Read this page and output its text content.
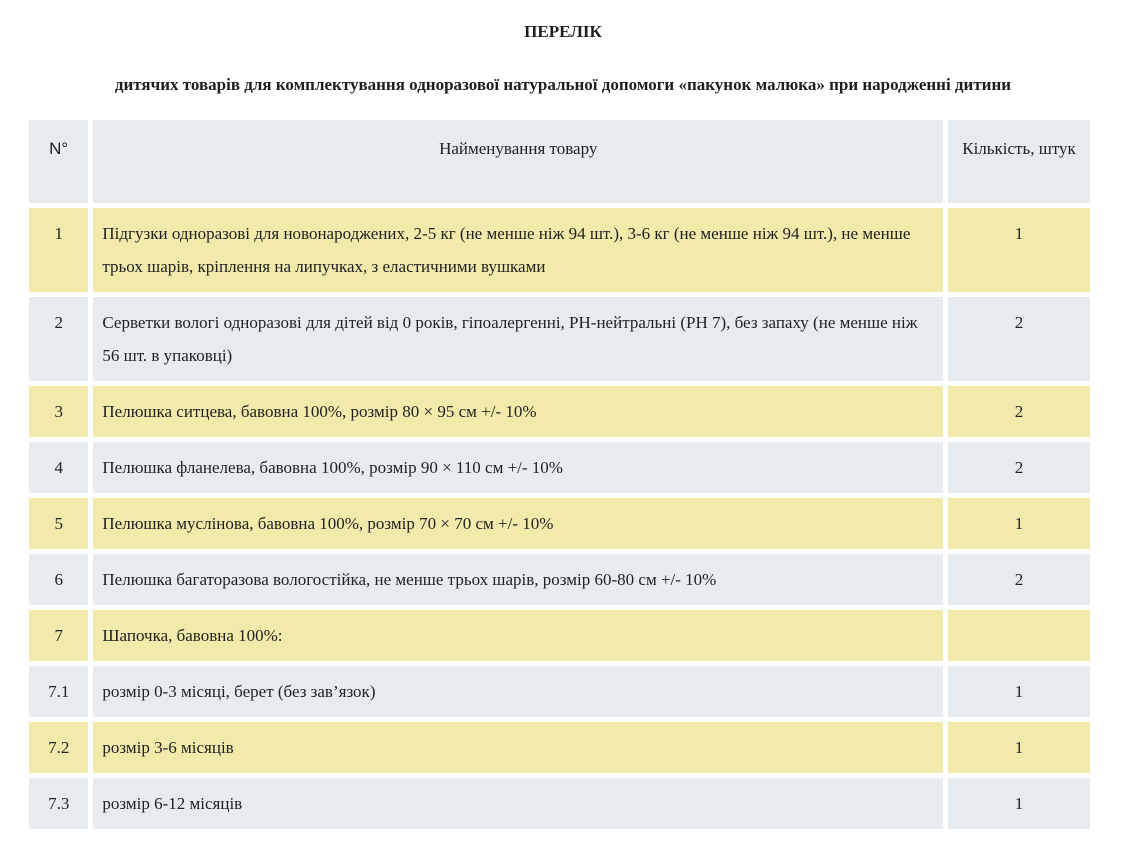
ПЕРЕЛІК
дитячих товарів для комплектування одноразової натуральної допомоги «пакунок малюка» при народженні дитини
N°	Найменування товару	Кількість, штук
1	Підгузки одноразові для новонароджених, 2-5 кг (не менше ніж 94 шт.), 3-6 кг (не менше ніж 94 шт.), не менше трьох шарів, кріплення на липучках, з еластичними вушками	1
2	Серветки вологі одноразові для дітей від 0 років, гіпоалергенні, PH-нейтральні (PH 7), без запаху (не менше ніж 56 шт. в упаковці)	2
3	Пелюшка ситцева, бавовна 100%, розмір 80 × 95 см +/- 10%	2
4	Пелюшка фланелева, бавовна 100%, розмір 90 × 110 см +/- 10%	2
5	Пелюшка муслінова, бавовна 100%, розмір 70 × 70 см +/- 10%	1
6	Пелюшка багаторазова вологостійка, не менше трьох шарів, розмір 60-80 см +/- 10%	2
7	Шапочка, бавовна 100%:	
7.1	розмір 0-3 місяці, берет (без зав’язок)	1
7.2	розмір 3-6 місяців	1
7.3	розмір 6-12 місяців	1
